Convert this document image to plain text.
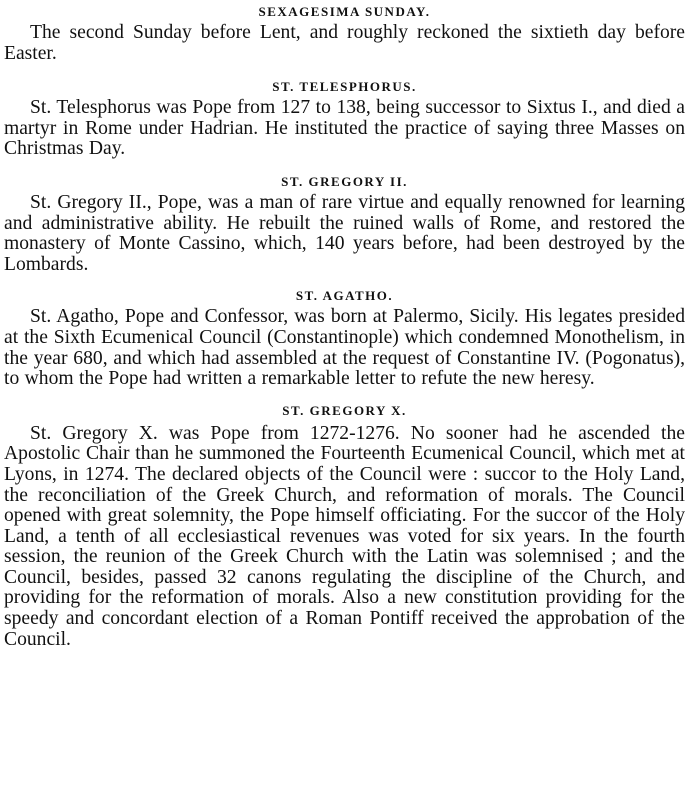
SEXAGESIMA SUNDAY.

The second Sunday before Lent, and roughly reckoned the sixtieth day before Easter.

ST. TELESPHORUS.

St. Telesphorus was Pope from 127 to 138, being successor to Sixtus I., and died a martyr in Rome under Hadrian. He instituted the practice of saying three Masses on Christmas Day.

ST. GREGORY II.

St. Gregory II., Pope, was a man of rare virtue and equally renowned for learning and administrative ability. He rebuilt the ruined walls of Rome, and restored the monastery of Monte Cassino, which, 140 years before, had been destroyed by the Lombards.

ST. AGATHO.

St. Agatho, Pope and Confessor, was born at Palermo, Sicily. His legates presided at the Sixth Ecumenical Council (Constantinople) which condemned Monothelism, in the year 680, and which had assembled at the request of Constantine IV. (Pogonatus), to whom the Pope had written a remarkable letter to refute the new heresy.

ST. GREGORY X.

St. Gregory X. was Pope from 1272-1276. No sooner had he ascended the Apostolic Chair than he summoned the Fourteenth Ecumenical Council, which met at Lyons, in 1274. The declared objects of the Council were : succor to the Holy Land, the reconciliation of the Greek Church, and reformation of morals. The Council opened with great solemnity, the Pope himself officiating. For the succor of the Holy Land, a tenth of all ecclesiastical revenues was voted for six years. In the fourth session, the reunion of the Greek Church with the Latin was solemnised ; and the Council, besides, passed 32 canons regulating the discipline of the Church, and providing for the reformation of morals. Also a new constitution providing for the speedy and concordant election of a Roman Pontiff received the approbation of the Council.
